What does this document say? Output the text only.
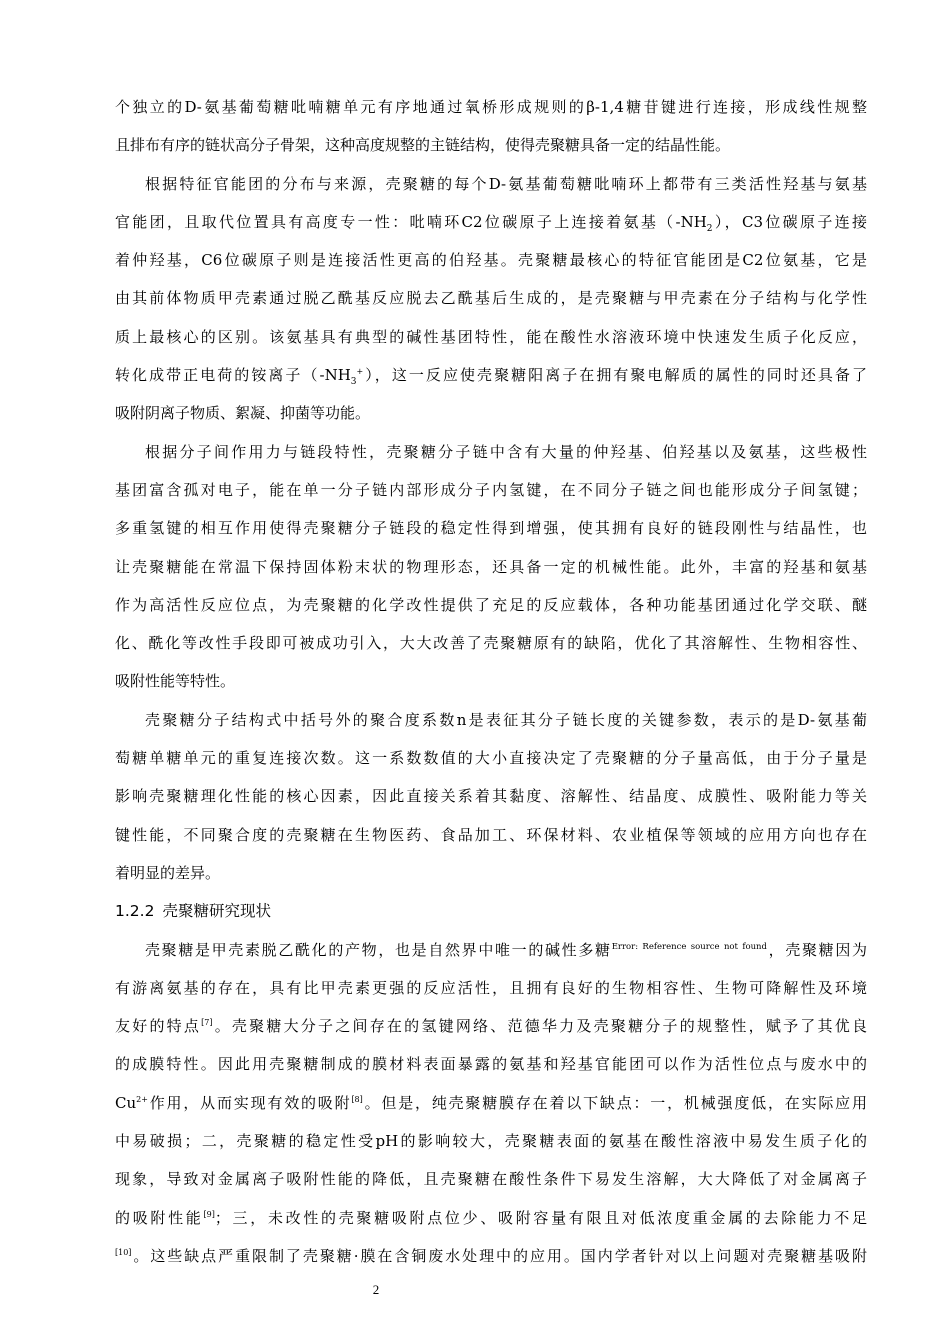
个独立的D-氨基葡萄糖吡喃糖单元有序地通过氧桥形成规则的β-1,4糖苷键进行连接，形成线性规整
且排布有序的链状高分子骨架，这种高度规整的主链结构，使得壳聚糖具备一定的结晶性能。
根据特征官能团的分布与来源，壳聚糖的每个D-氨基葡萄糖吡喃环上都带有三类活性羟基与氨基
官能团，且取代位置具有高度专一性：吡喃环C2位碳原子上连接着氨基$(-NH_2)$，C3位碳原子连接
着仲羟基，C6位碳原子则是连接活性更高的伯羟基。壳聚糖最核心的特征官能团是C2位氨基，它是
由其前体物质甲壳素通过脱乙酰基反应脱去乙酰基后生成的，是壳聚糖与甲壳素在分子结构与化学性
质上最核心的区别。该氨基具有典型的碱性基团特性，能在酸性水溶液环境中快速发生质子化反应，
转化成带正电荷的铵离子$(-NH_3^+)$，这一反应使壳聚糖阳离子在拥有聚电解质的属性的同时还具备了
吸附阴离子物质、絮凝、抑菌等功能。
根据分子间作用力与链段特性，壳聚糖分子链中含有大量的仲羟基、伯羟基以及氨基，这些极性
基团富含孤对电子，能在单一分子链内部形成分子内氢键，在不同分子链之间也能形成分子间氢键；
多重氢键的相互作用使得壳聚糖分子链段的稳定性得到增强，使其拥有良好的链段刚性与结晶性，也
让壳聚糖能在常温下保持固体粉末状的物理形态，还具备一定的机械性能。此外，丰富的羟基和氨基
作为高活性反应位点，为壳聚糖的化学改性提供了充足的反应载体，各种功能基团通过化学交联、醚
化、酰化等改性手段即可被成功引入，大大改善了壳聚糖原有的缺陷，优化了其溶解性、生物相容性、
吸附性能等特性。
壳聚糖分子结构式中括号外的聚合度系数n是表征其分子链长度的关键参数，表示的是D-氨基葡
萄糖单糖单元的重复连接次数。这一系数数值的大小直接决定了壳聚糖的分子量高低，由于分子量是
影响壳聚糖理化性能的核心因素，因此直接关系着其黏度、溶解性、结晶度、成膜性、吸附能力等关
键性能，不同聚合度的壳聚糖在生物医药、食品加工、环保材料、农业植保等领域的应用方向也存在
着明显的差异。
1.2.2 壳聚糖研究现状
壳聚糖是甲壳素脱乙酰化的产物，也是自然界中唯一的碱性多糖$^{Error: Reference source not found}$，壳聚糖因为
有游离氨基的存在，具有比甲壳素更强的反应活性，且拥有良好的生物相容性、生物可降解性及环境
友好的特点[7]。壳聚糖大分子之间存在的氢键网络、范德华力及壳聚糖分子的规整性，赋予了其优良
的成膜特性。因此用壳聚糖制成的膜材料表面暴露的氨基和羟基官能团可以作为活性位点与废水中的
$Cu^{2+}$作用，从而实现有效的吸附[8]。但是，纯壳聚糖膜存在着以下缺点：一，机械强度低，在实际应用
中易破损；二，壳聚糖的稳定性受pH的影响较大，壳聚糖表面的氨基在酸性溶液中易发生质子化的
现象，导致对金属离子吸附性能的降低，且壳聚糖在酸性条件下易发生溶解，大大降低了对金属离子
的吸附性能[9]；三，未改性的壳聚糖吸附点位少、吸附容量有限且对低浓度重金属的去除能力不足
[10]。这些缺点严重限制了壳聚糖·膜在含铜废水处理中的应用。国内学者针对以上问题对壳聚糖基吸附
2
